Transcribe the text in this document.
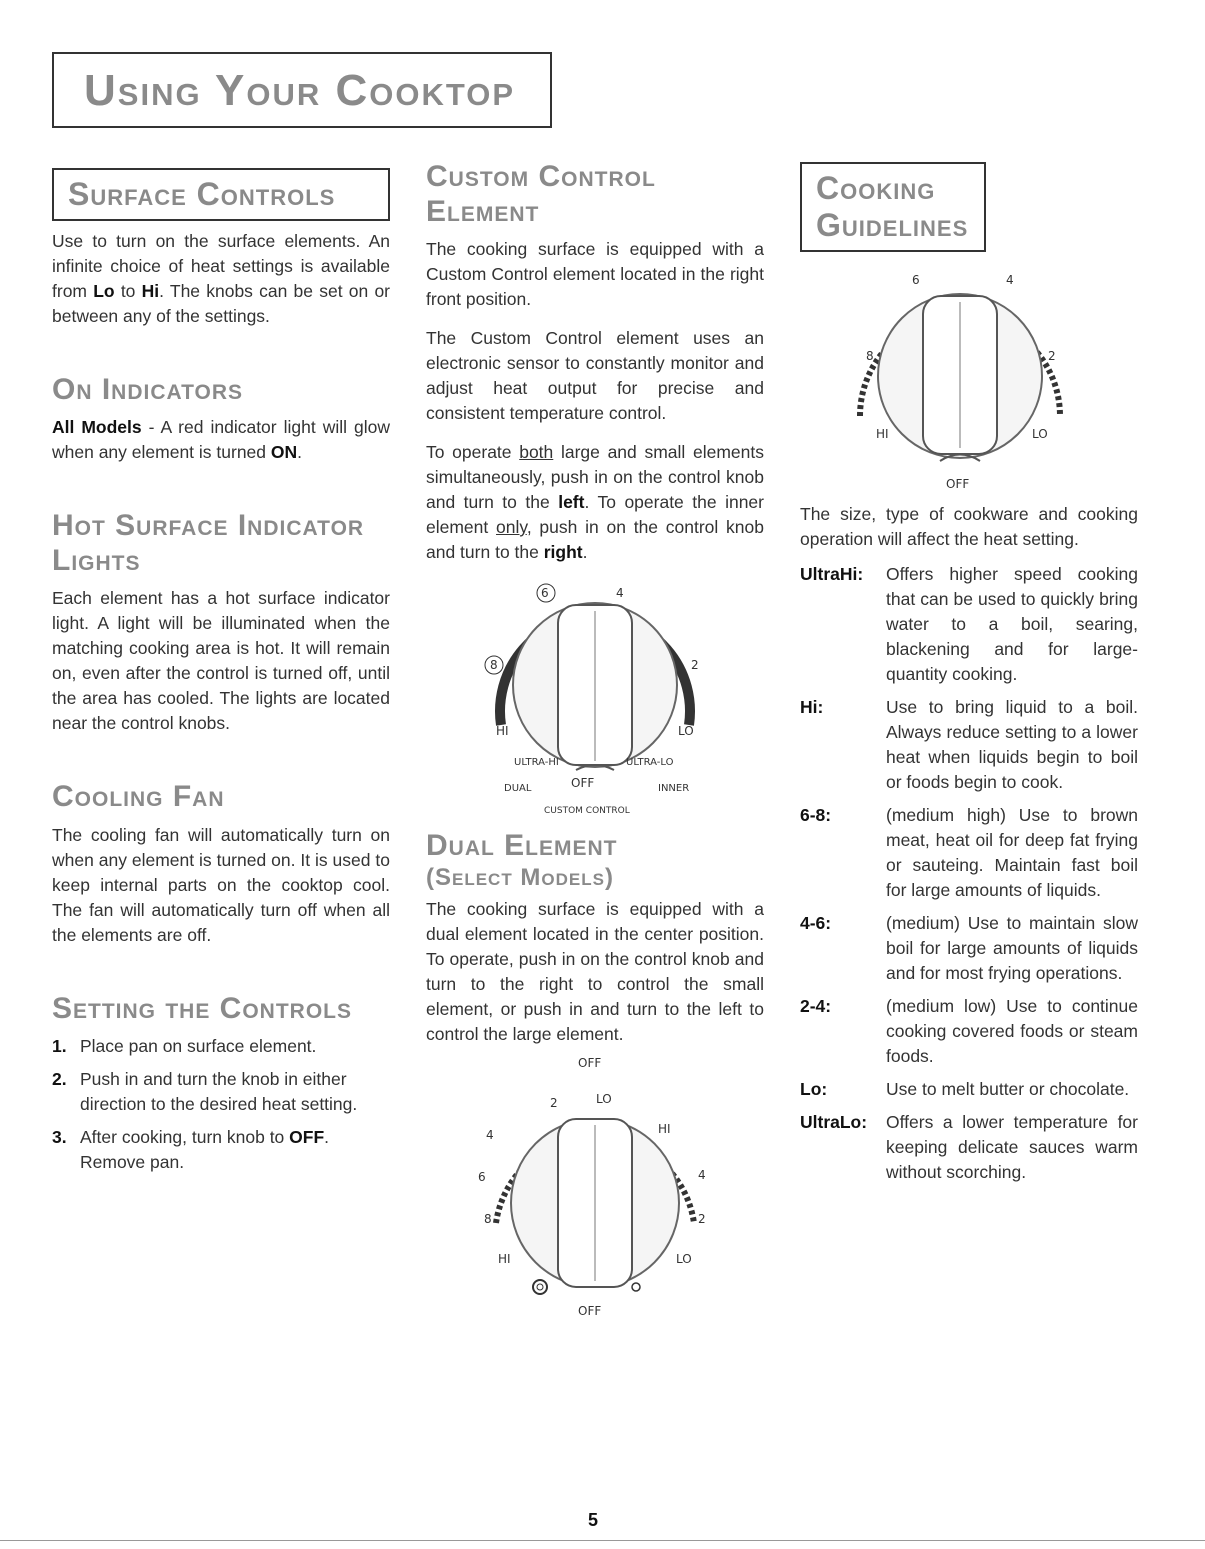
Using Your Cooktop
Surface Controls

Use to turn on the surface elements. An infinite choice of heat settings is available from Lo to Hi. The knobs can be set on or between any of the settings.

On Indicators

All Models - A red indicator light will glow when any element is turned ON.

Hot Surface Indicator Lights

Each element has a hot surface indicator light. A light will be illuminated when the matching cooking area is hot. It will remain on, even after the control is turned off, until the area has cooled. The lights are located near the control knobs.

Cooling Fan

The cooling fan will automatically turn on when any element is turned on. It is used to keep internal parts on the cooktop cool. The fan will automatically turn off when all the elements are off.

Setting the Controls
1. Place pan on surface element.
2. Push in and turn the knob in either direction to the desired heat setting.
3. After cooking, turn knob to OFF. Remove pan.
Custom Control Element

The cooking surface is equipped with a Custom Control element located in the right front position.

The Custom Control element uses an electronic sensor to constantly monitor and adjust heat output for precise and consistent temperature control.

To operate both large and small elements simultaneously, push in on the control knob and turn to the left. To operate the inner element only, push in on the control knob and turn to the right.

6	4
8	2
HI	LO
ULTRA-HI	ULTRA-LO
DUAL	OFF	INNER
CUSTOM CONTROL
Dual Element
(Select Models)

The cooking surface is equipped with a dual element located in the center position. To operate, push in on the control knob and turn to the right to control the small element, or push in and turn to the left to control the large element.

OFF
2	LO
4	HI
6	4
8	2
HI	LO
OFF
Cooking Guidelines
6	4
8	2
HI	LO
OFF

The size, type of cookware and cooking operation will affect the heat setting.

UltraHi:	Offers higher speed cooking that can be used to quickly bring water to a boil, searing, blackening and for large-quantity cooking.
Hi:	Use to bring liquid to a boil. Always reduce setting to a lower heat when liquids begin to boil or foods begin to cook.
6-8:	(medium high) Use to brown meat, heat oil for deep fat frying or sauteing. Maintain fast boil for large amounts of liquids.
4-6:	(medium) Use to maintain slow boil for large amounts of liquids and for most frying operations.
2-4:	(medium low) Use to continue cooking covered foods or steam foods.
Lo:	Use to melt butter or chocolate.
UltraLo:	Offers a lower temperature for keeping delicate sauces warm without scorching.
5
